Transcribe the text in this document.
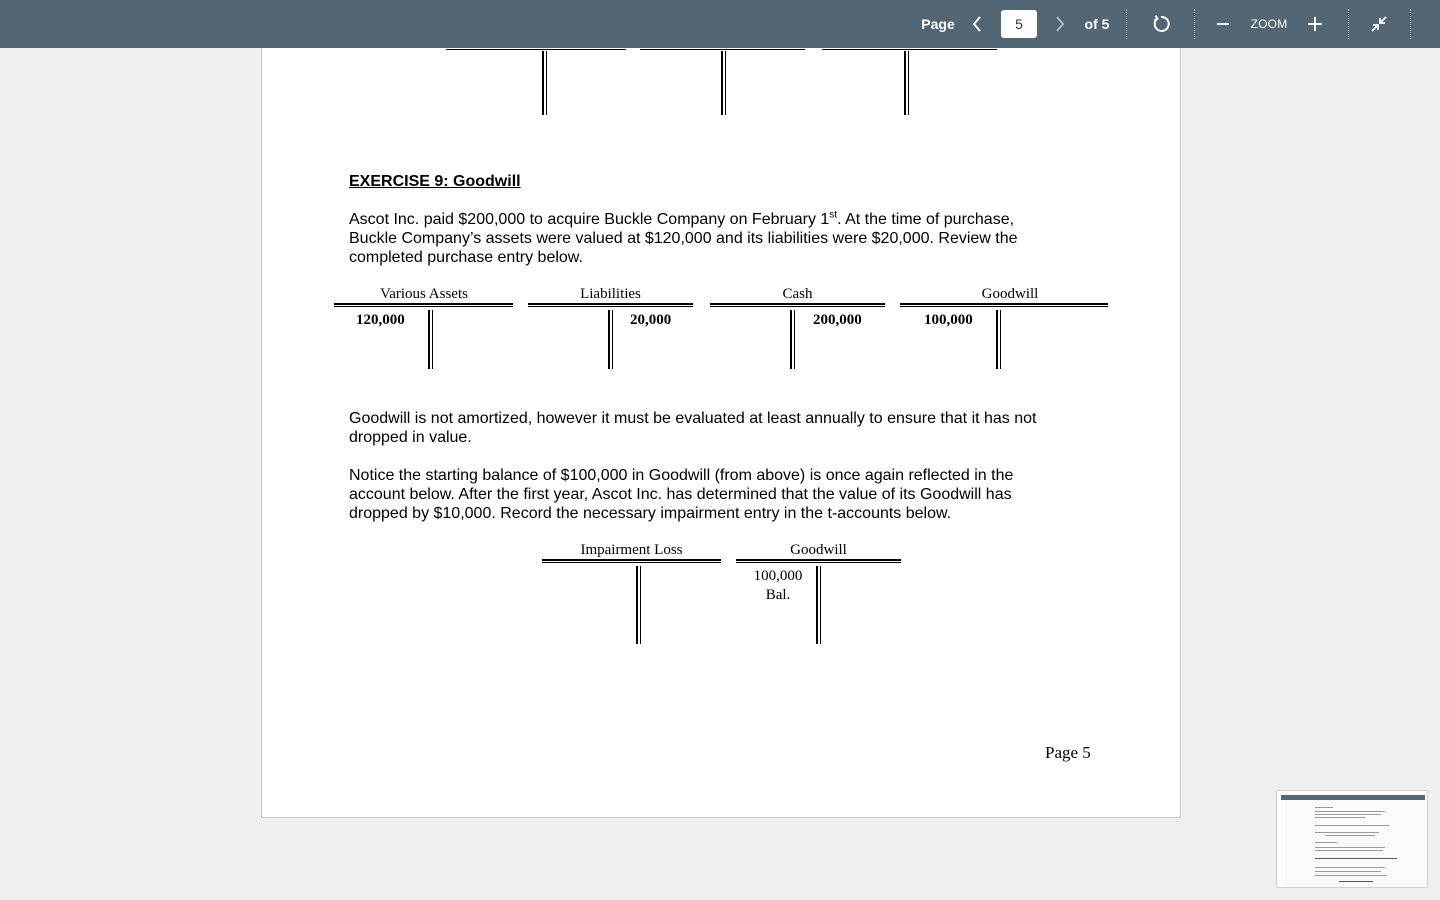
Page
5	of 5	ZOOM
EXERCISE 9: Goodwill
Ascot Inc. paid $200,000 to acquire Buckle Company on February 1st. At the time of purchase,
Buckle Company’s assets were valued at $120,000 and its liabilities were $20,000. Review the
completed purchase entry below.
Various Assets
120,000
Liabilities
20,000
Cash
200,000
Goodwill
100,000
Goodwill is not amortized, however it must be evaluated at least annually to ensure that it has not
dropped in value.
Notice the starting balance of $100,000 in Goodwill (from above) is once again reflected in the
account below. After the first year, Ascot Inc. has determined that the value of its Goodwill has
dropped by $10,000. Record the necessary impairment entry in the t-accounts below.
Impairment Loss	Goodwill
100,000
Bal.
Page 5
